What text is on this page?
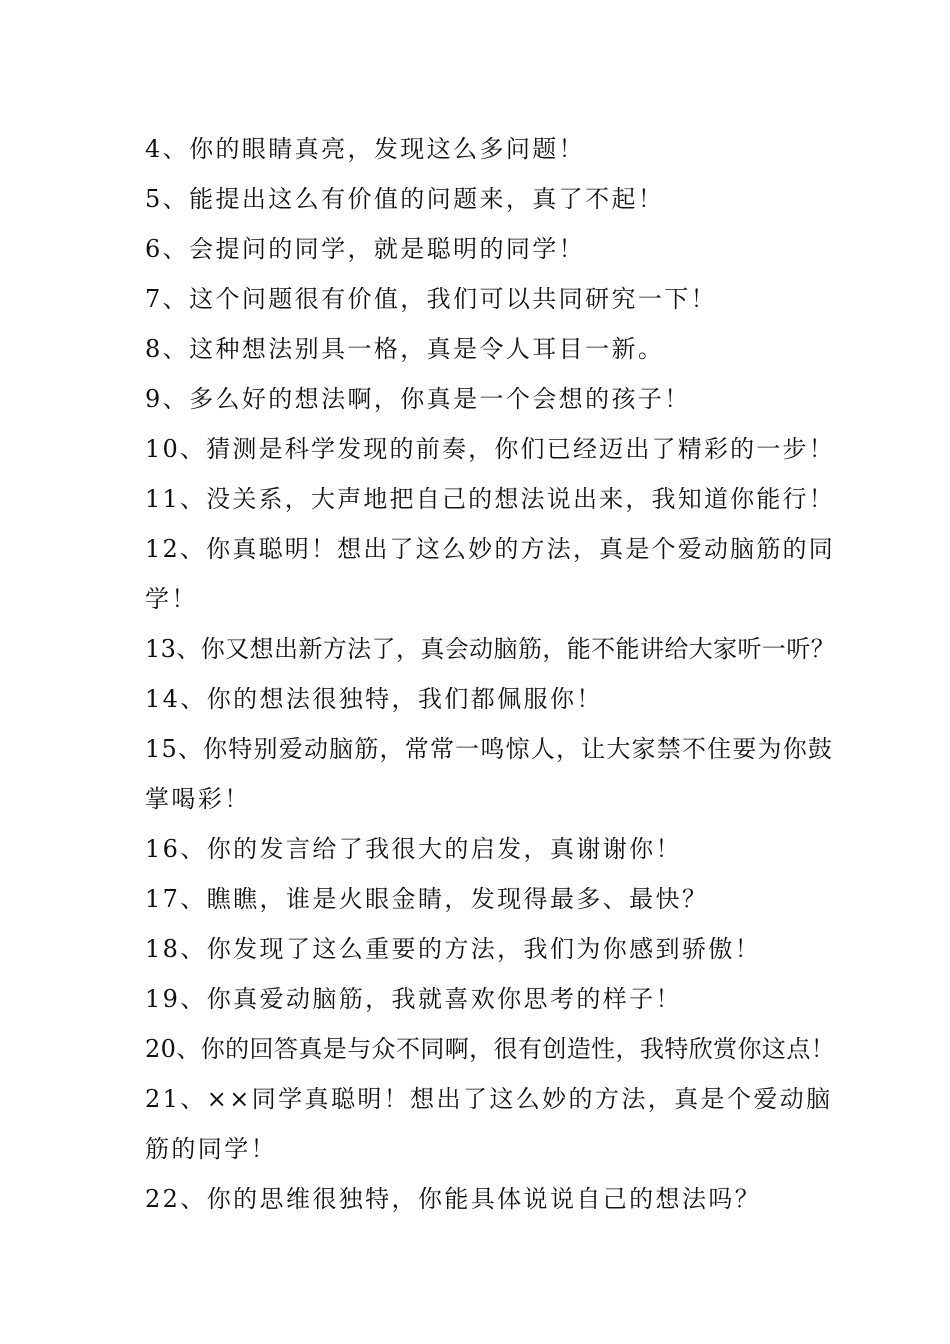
4、你的眼睛真亮，发现这么多问题！
5、能提出这么有价值的问题来，真了不起！
6、会提问的同学，就是聪明的同学！
7、这个问题很有价值，我们可以共同研究一下！
8、这种想法别具一格，真是令人耳目一新。
9、多么好的想法啊，你真是一个会想的孩子！
10、猜测是科学发现的前奏，你们已经迈出了精彩的一步！
11、没关系，大声地把自己的想法说出来，我知道你能行！
12、你真聪明！想出了这么妙的方法，真是个爱动脑筋的同
学！
13、你又想出新方法了，真会动脑筋，能不能讲给大家听一听？
14、你的想法很独特，我们都佩服你！
15、你特别爱动脑筋，常常一鸣惊人，让大家禁不住要为你鼓
掌喝彩！
16、你的发言给了我很大的启发，真谢谢你！
17、瞧瞧，谁是火眼金睛，发现得最多、最快？
18、你发现了这么重要的方法，我们为你感到骄傲！
19、你真爱动脑筋，我就喜欢你思考的样子！
20、你的回答真是与众不同啊，很有创造性，我特欣赏你这点！
21、××同学真聪明！想出了这么妙的方法，真是个爱动脑
筋的同学！
22、你的思维很独特，你能具体说说自己的想法吗？
